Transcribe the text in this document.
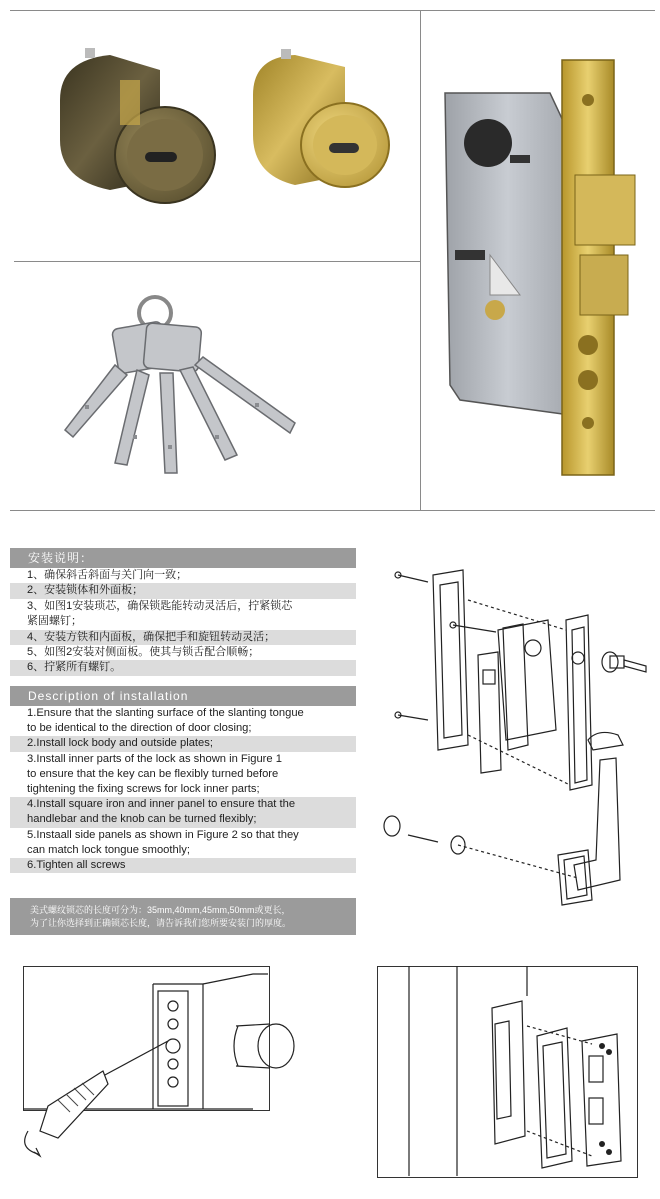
安装说明：
1、确保斜舌斜面与关门向一致；
2、安装锁体和外面板；
3、如图1安装琐芯，确保锁匙能转动灵活后，拧紧锁芯
紧固螺钉；
4、安装方铁和内面板，确保把手和旋钮转动灵活；
5、如图2安装对侧面板。使其与锁舌配合顺畅；
6、拧紧所有螺钉。
Description of installation
1.Ensure that the slanting surface of the slanting tongue
to be identical to the direction of door closing;
2.Install lock body and outside plates;
3.Install inner parts of the lock as shown in Figure 1
to ensure that the key can be flexibly turned before
tightening the fixing screws for lock inner parts;
4.Install square iron and inner panel to ensure that the
handlebar and the knob can be turned flexibly;
5.Instaall side panels as shown in Figure 2 so that they
can match lock tongue smoothly;
6.Tighten all screws
美式螺纹锁芯的长度可分为：35mm,40mm,45mm,50mm或更长，
为了让你选择到正确锁芯长度，请告诉我们您所要安装门的厚度。
